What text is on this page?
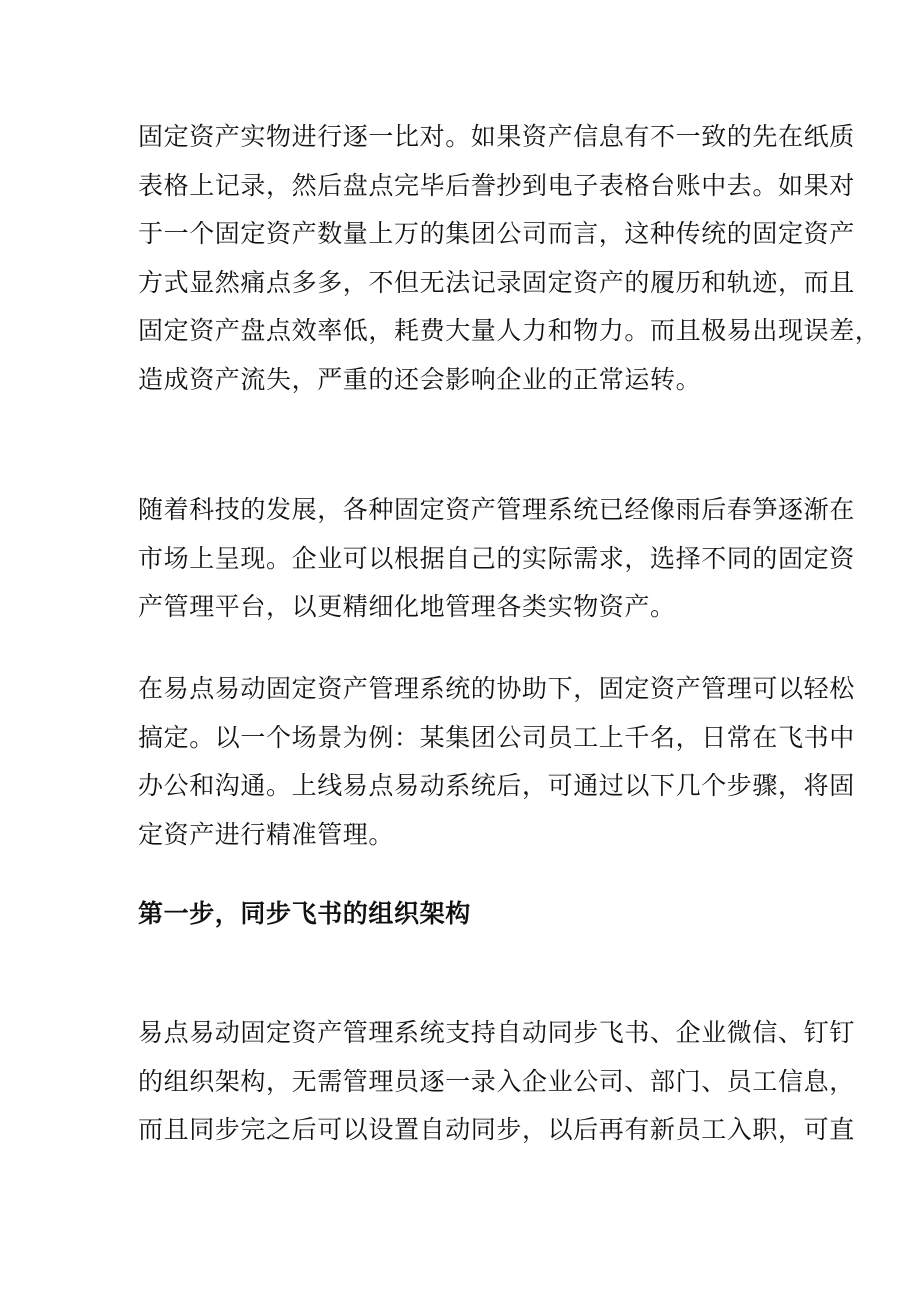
固定资产实物进行逐一比对。如果资产信息有不一致的先在纸质
表格上记录，然后盘点完毕后誊抄到电子表格台账中去。如果对
于一个固定资产数量上万的集团公司而言，这种传统的固定资产
方式显然痛点多多，不但无法记录固定资产的履历和轨迹，而且
固定资产盘点效率低，耗费大量人力和物力。而且极易出现误差，
造成资产流失，严重的还会影响企业的正常运转。

随着科技的发展，各种固定资产管理系统已经像雨后春笋逐渐在
市场上呈现。企业可以根据自己的实际需求，选择不同的固定资
产管理平台，以更精细化地管理各类实物资产。

在易点易动固定资产管理系统的协助下，固定资产管理可以轻松
搞定。以一个场景为例：某集团公司员工上千名，日常在飞书中
办公和沟通。上线易点易动系统后，可通过以下几个步骤，将固
定资产进行精准管理。

第一步，同步飞书的组织架构

易点易动固定资产管理系统支持自动同步飞书、企业微信、钉钉
的组织架构，无需管理员逐一录入企业公司、部门、员工信息，
而且同步完之后可以设置自动同步，以后再有新员工入职，可直
